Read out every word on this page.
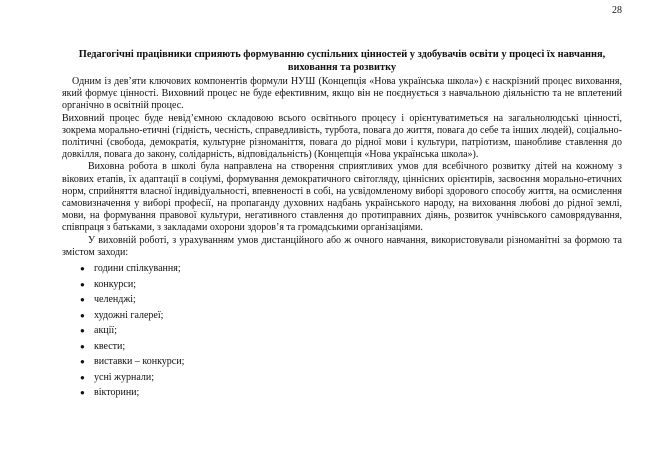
28
Педагогічні працівники сприяють формуванню суспільних цінностей у здобувачів освіти у процесі їх навчання, виховання та розвитку

Одним із дев’яти ключових компонентів формули НУШ (Концепція «Нова українська школа») є наскрізний процес виховання, який формує цінності. Виховний процес не буде ефективним, якщо він не поєднується з навчальною діяльністю та не вплетений органічно в освітній процес.

Виховний процес буде невід’ємною складовою всього освітнього процесу і орієнтуватиметься на загальнолюдські цінності, зокрема морально-етичні (гідність, чесність, справедливість, турбота, повага до життя, повага до себе та інших людей), соціально-політичні (свобода, демократія, культурне різноманіття, повага до рідної мови і культури, патріотизм, шанобливе ставлення до довкілля, повага до закону, солідарність, відповідальність) (Концепція «Нова українська школа»).

Виховна робота в школі була направлена на створення сприятливих умов для всебічного розвитку дітей на кожному з вікових етапів, їх адаптації в соціумі, формування демократичного світогляду, ціннісних орієнтирів, засвоєння морально-етичних норм, сприйняття власної індивідуальності, впевненості в собі, на усвідомленому виборі здорового способу життя, на осмислення самовизначення у виборі професії, на пропаганду духовних надбань українського народу, на виховання любові до рідної землі, мови, на формування правової культури, негативного ставлення до протиправних діянь, розвиток учнівського самоврядування, співпраця з батьками, з закладами охорони здоров’я та громадськими організаціями.

У виховній роботі, з урахуванням умов дистанційного або ж очного навчання, використовували різноманітні за формою та змістом заходи:

● години спілкування;
● конкурси;
● челенджі;
● художні галереї;
● акції;
● квести;
● виставки – конкурси;
● усні журнали;
● вікторини;
